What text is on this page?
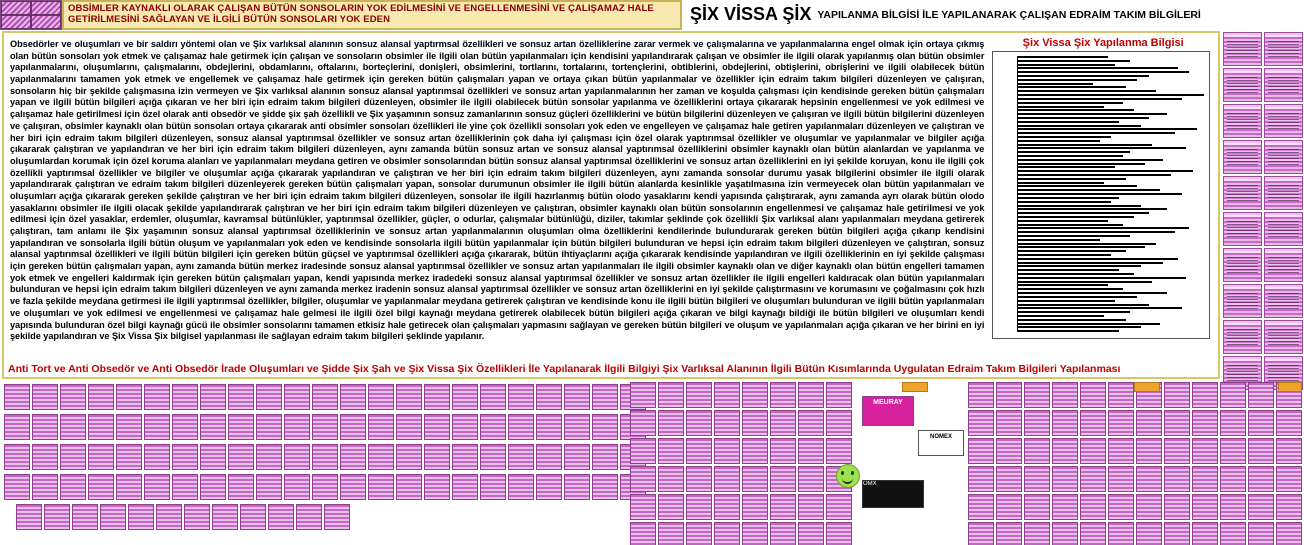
OBSİMLER KAYNAKLI OLARAK ÇALIŞAN BÜTÜN SONSOLARIN YOK EDİLMESİNİ VE ENGELLENMESİNİ VE ÇALIŞAMAZ HALE GETİRİLMESİNİ SAĞLAYAN VE İLGİLİ BÜTÜN SONSOLARI YOK EDEN	ŞİX VİSSA ŞİX YAPILANMA BİLGİSİ İLE YAPILANARAK ÇALIŞAN EDRAİM TAKIM BİLGİLERİ
Obsedörler ve oluşumları ve bir saldırı yöntemi olan ve Şix varlıksal alanının sonsuz alansal yaptırmsal özellikleri ve sonsuz artan özelliklerine zarar vermek ve çalışmalarına ve yapılanmalarına engel olmak için ortaya çıkmış olan bütün sonsoları yok etmek ve çalışamaz hale getirmek için çalışan ve sonsoların obsimler ile ilgili olan bütün yapılanmaları için kendisini yapılandırarak çalışan ve obsimler ile ilgili olarak yapılanmış olan bütün obsimler yapılanmalarını, oluşumlarını, çalışmalarını, obdejlerini, obdamlarını, oftalarını, borteçlerini, donişleri, obsimlerini, tortlarını, tortalarını, tortençlerini, obtiblerini, obdejlerini, obtişlerini, obrişlerini ve ilgili olabilecek bütün yapılanmalarını tamamen yok etmek ve engellemek ve çalışamaz hale getirmek için gereken bütün çalışmaları yapan ve ortaya çıkan bütün yapılanmalar ve özellikler için edraim takım bilgileri düzenleyen ve çalışıran, sonsoların hiç bir şekilde çalışmasına izin vermeyen ve Şix varlıksal alanının sonsuz alansal yaptırımsal özellikleri ve sonsuz artan yapılanmalarının her zaman ve koşulda çalışması için kendisinde gereken bütün çalışmaları yapan ve ilgili bütün bilgileri açığa çıkaran ve her biri için edraim takım bilgileri düzenleyen, obsimler ile ilgili olabilecek bütün sonsolar yapılanma ve özelliklerini ortaya çıkararak hepsinin engellenmesi ve yok edilmesi ve çalışamaz hale getirilmesi için özel olarak anti obsedör ve şidde şix şah özellikli ve Şix yaşamının sonsuz zamanlarının sonsuz güçleri özelliklerini ve bütün bilgilerini düzenleyen ve çalışıran ve ilgili bütün bilgilerini düzenleyen ve çalışıran, obsimler kaynaklı olan bütün sonsoları ortaya çıkararak anti obsimler sonsoları özellikleri ile yine çok özellikli sonsoları yok eden ve engelleyen ve çalışamaz hale getiren yapılanmaları düzenleyen ve çalıştıran ve her biri için edraim takım bilgileri düzenleyen, sonsuz alansal yaptırımsal özellikler ve sonsuz artan özelliklerinin çok daha iyi çalışması için özel olarak yaptırımsal özellikler ve oluşumlar ve yapılanmalar ve bilgiler açığa çıkararak çalıştıran ve yapılandıran ve her biri için edraim takım bilgileri düzenleyen, aynı zamanda bütün sonsuz artan ve sonsuz alansal yaptırımsal özelliklerini obsimler kaynaklı olan bütün alanlardan ve yapılanma ve oluşumlardan korumak için özel koruma alanları ve yapılanmaları meydana getiren ve obsimler sonsolarından bütün sonsuz alansal yaptırımsal özelliklerini ve sonsuz artan özelliklerini en iyi şekilde koruyan, konu ile ilgili çok özellikli yaptırımsal özellikler ve bilgiler ve oluşumlar açığa çıkararak yapılandıran ve çalıştıran ve her biri için edraim takım bilgileri düzenleyen, aynı zamanda sonsolar durumu yasak bilgilerini obsimler ile ilgili olarak yapılandırarak çalıştıran ve edraim takım bilgileri düzenleyerek gereken bütün çalışmaları yapan, sonsolar durumunun obsimler ile ilgili bütün alanlarda kesinlikle yaşatılmasına izin vermeyecek olan bütün yapılanmaları ve oluşumları açığa çıkararak gereken şekilde çalıştıran ve her biri için edraim takım bilgileri düzenleyen, sonsolar ile ilgili hazırlanmış bütün olodo yasaklarını kendi yapısında çalıştırarak, aynı zamanda ayrı olarak bütün olodo yasaklarını obsimler ile ilgili olacak şekilde yapılandırarak çalıştıran ve her biri için edraim takım bilgileri düzenleyen ve çalıştıran, obsimler kaynaklı olan bütün sonsolarının engellenmesi ve çalışamaz hale getirilmesi ve yok edilmesi için özel yasaklar, erdemler, oluşumlar, kavramsal bütünlükler, yaptırımsal özellikler, güçler, o odurlar, çalışmalar bütünlüğü, diziler, takımlar şeklinde çok özellikli Şix varlıksal alanı yapılanmaları meydana getirerek çalıştıran, tam anlamı ile Şix yaşamının sonsuz alansal yaptırımsal özelliklerinin ve sonsuz artan yapılanmalarının oluşumları olma özelliklerini kendilerinde bulundurarak gereken bütün bilgileri açığa çıkarıp kendisini yapılandıran ve sonsolarla ilgili bütün oluşum ve yapılanmaları yok eden ve kendisinde sonsolarla ilgili bütün yapılanmalar için bütün bilgileri bulunduran ve hepsi için edraim takım bilgileri düzenleyen ve çalıştıran, sonsuz alansal yaptırımsal özellikleri ve ilgili bütün bilgileri için gereken bütün güçsel ve yaptırımsal özellikleri açığa çıkararak, bütün ihtiyaçlarını açığa çıkararak kendisinde yapılandıran ve ilgili özelliklerinin en iyi şekilde çalışması için gereken bütün çalışmaları yapan, aynı zamanda bütün merkez iradesinde sonsuz alansal yaptırımsal özellikler ve sonsuz artan yapılanmaları ile ilgili obsimler kaynaklı olan ve diğer kaynaklı olan bütün engelleri tamamen yok etmek ve engelleri kaldırmak için gereken bütün çalışmaları yapan, kendi yapısında merkez iradedeki sonsuz alansal yaptırımsal özellikler ve sonsuz artan özellikler ile ilgili engelleri kaldıracak olan bütün yapılanmaları bulunduran ve hepsi için edraim takım bilgileri düzenleyen ve aynı zamanda merkez iradenin sonsuz alansal yaptırımsal özellikler ve sonsuz artan özelliklerini en iyi şekilde çalıştırmasını ve korumasını ve çoğalmasını çok hızlı ve fazla şekilde meydana getirmesi ile ilgili yaptırımsal özellikler, bilgiler, oluşumlar ve yapılanmalar meydana getirerek çalıştıran ve kendisinde konu ile ilgili bütün bilgileri ve oluşumları bulunduran ve ilgili bütün yapılanmaları ve oluşumları ve yok edilmesi ve engellenmesi ve çalışamaz hale gelmesi ile ilgili özel bilgi kaynağı meydana getirerek olabilecek bütün bilgileri açığa çıkaran ve bilgi kaynağı bildiği ile bütün bilgileri ve oluşumları kendi yapısında bulunduran özel bilgi kaynağı gücü ile obsimler sonsolarını tamamen etkisiz hale getirecek olan çalışmaları yapmasını sağlayan ve gereken bütün bilgileri ve oluşum ve yapılanmaları açığa çıkaran ve her birini en iyi şekilde yapılandıran ve Şix Vissa Şix bilgisel yapılanması ile sağlayan edraim takım bilgileri şeklinde yapılanır.
Anti Tort ve Anti Obsedör ve Anti Obsedör İrade Oluşumları ve Şidde Şix Şah ve Şix Vissa Şix Özellikleri İle Yapılanarak İlgili Bilgiyi Şix Varlıksal Alanının İlgili Bütün Kısımlarında Uygulatan Edraim Takım Bilgileri Yapılanması
Şix Vissa Şix Yapılanma Bilgisi
OMX
MEURAY
NOMEX
